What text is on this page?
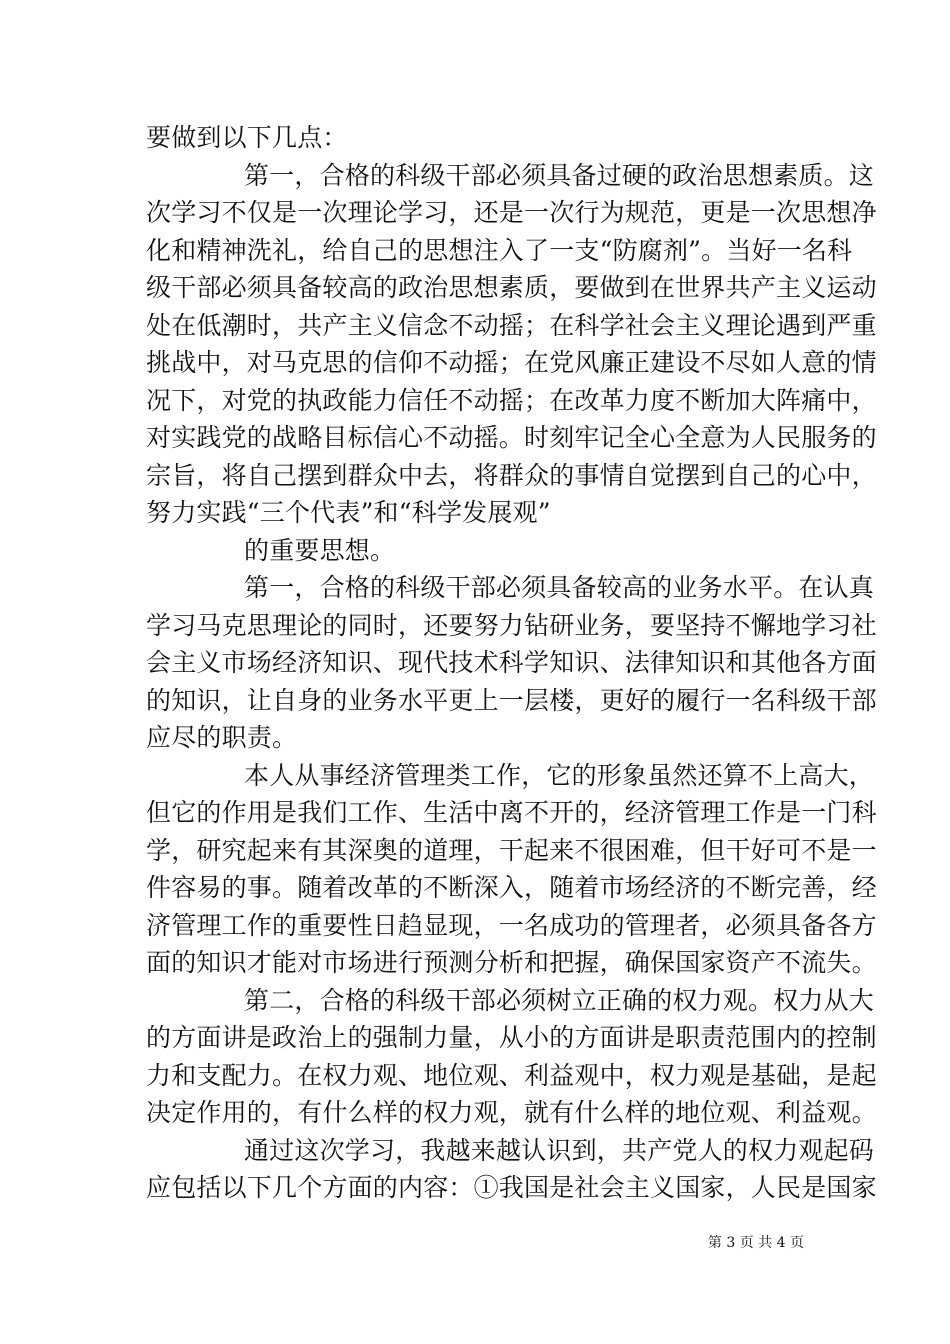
要做到以下几点：
第一，合格的科级干部必须具备过硬的政治思想素质。这
次学习不仅是一次理论学习，还是一次行为规范，更是一次思想净
化和精神洗礼，给自己的思想注入了一支“防腐剂”。当好一名科
级干部必须具备较高的政治思想素质，要做到在世界共产主义运动
处在低潮时，共产主义信念不动摇；在科学社会主义理论遇到严重
挑战中，对马克思的信仰不动摇；在党风廉正建设不尽如人意的情
况下，对党的执政能力信任不动摇；在改革力度不断加大阵痛中，
对实践党的战略目标信心不动摇。时刻牢记全心全意为人民服务的
宗旨，将自己摆到群众中去，将群众的事情自觉摆到自己的心中，
努力实践“三个代表”和“科学发展观”
的重要思想。
第一，合格的科级干部必须具备较高的业务水平。在认真
学习马克思理论的同时，还要努力钻研业务，要坚持不懈地学习社
会主义市场经济知识、现代技术科学知识、法律知识和其他各方面
的知识，让自身的业务水平更上一层楼，更好的履行一名科级干部
应尽的职责。
本人从事经济管理类工作，它的形象虽然还算不上高大，
但它的作用是我们工作、生活中离不开的，经济管理工作是一门科
学，研究起来有其深奥的道理，干起来不很困难，但干好可不是一
件容易的事。随着改革的不断深入，随着市场经济的不断完善，经
济管理工作的重要性日趋显现，一名成功的管理者，必须具备各方
面的知识才能对市场进行预测分析和把握，确保国家资产不流失。
第二，合格的科级干部必须树立正确的权力观。权力从大
的方面讲是政治上的强制力量，从小的方面讲是职责范围内的控制
力和支配力。在权力观、地位观、利益观中，权力观是基础，是起
决定作用的，有什么样的权力观，就有什么样的地位观、利益观。
通过这次学习，我越来越认识到，共产党人的权力观起码
应包括以下几个方面的内容：①我国是社会主义国家，人民是国家
第 3 页 共 4 页
